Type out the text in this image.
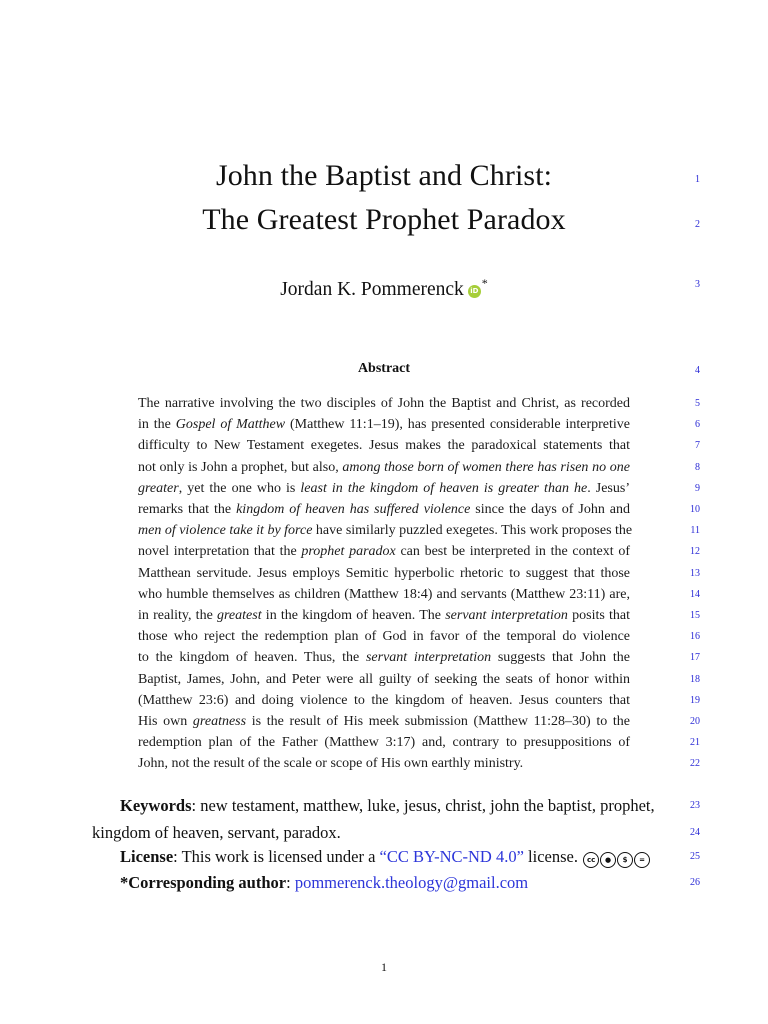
John the Baptist and Christ:
The Greatest Prophet Paradox
Jordan K. Pommerenck iD*
Abstract
The narrative involving the two disciples of John the Baptist and Christ, as recorded
in the Gospel of Matthew (Matthew 11:1–19), has presented considerable interpretive
difficulty to New Testament exegetes. Jesus makes the paradoxical statements that
not only is John a prophet, but also, among those born of women there has risen no one
greater, yet the one who is least in the kingdom of heaven is greater than he. Jesus’
remarks that the kingdom of heaven has suffered violence since the days of John and
men of violence take it by force have similarly puzzled exegetes. This work proposes the
novel interpretation that the prophet paradox can best be interpreted in the context of
Matthean servitude. Jesus employs Semitic hyperbolic rhetoric to suggest that those
who humble themselves as children (Matthew 18:4) and servants (Matthew 23:11) are,
in reality, the greatest in the kingdom of heaven. The servant interpretation posits that
those who reject the redemption plan of God in favor of the temporal do violence
to the kingdom of heaven. Thus, the servant interpretation suggests that John the
Baptist, James, John, and Peter were all guilty of seeking the seats of honor within
(Matthew 23:6) and doing violence to the kingdom of heaven. Jesus counters that
His own greatness is the result of His meek submission (Matthew 11:28–30) to the
redemption plan of the Father (Matthew 3:17) and, contrary to presuppositions of
John, not the result of the scale or scope of His own earthly ministry.
Keywords: new testament, matthew, luke, jesus, christ, john the baptist, prophet,
kingdom of heaven, servant, paradox.
License: This work is licensed under a “CC BY-NC-ND 4.0” license. cc ● $ =
*Corresponding author: pommerenck.theology@gmail.com
1
2
3
4
5
6
7
8
9
10
11
12
13
14
15
16
17
18
19
20
21
22
23
24
25
26
1
